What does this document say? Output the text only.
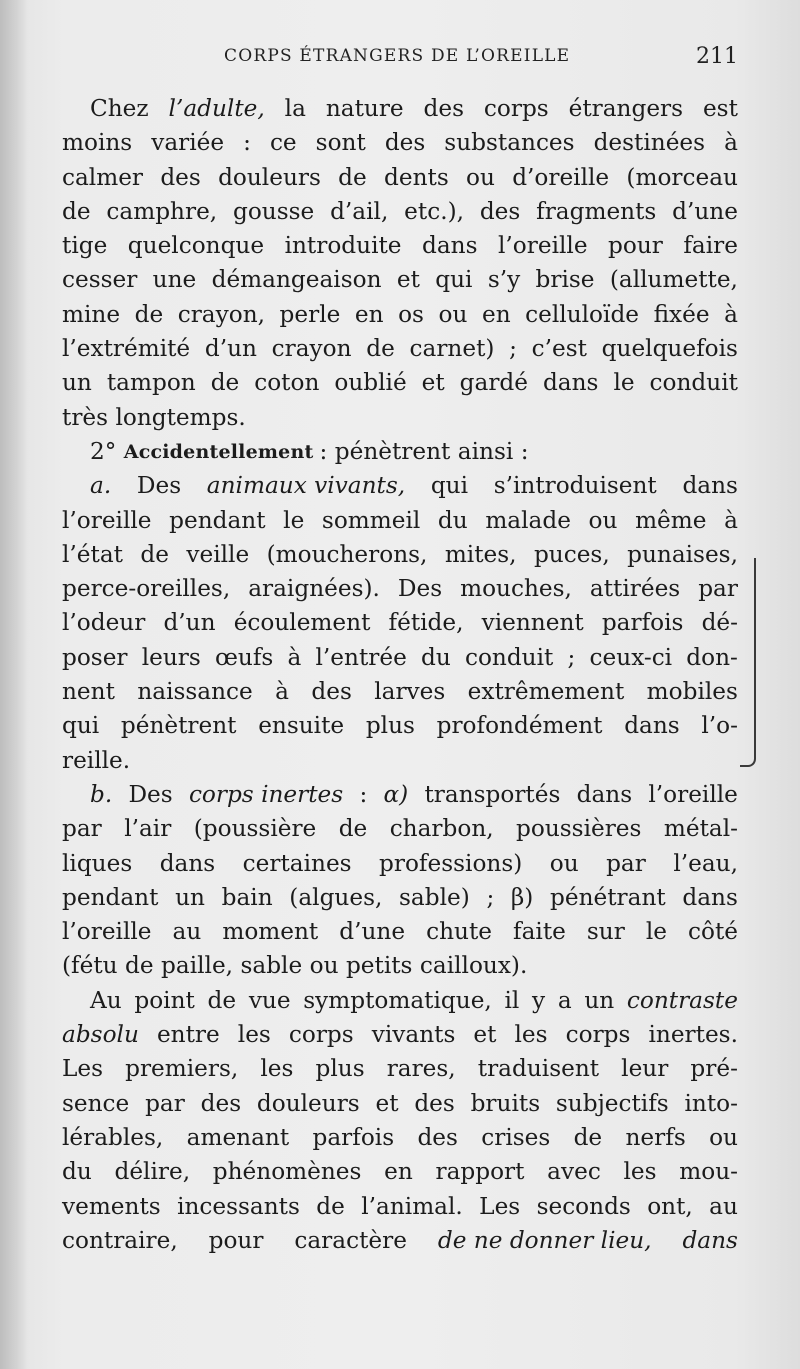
CORPS ÉTRANGERS DE L’OREILLE	211
Chez l’adulte, la nature des corps étrangers est
moins variée : ce sont des substances destinées à
calmer des douleurs de dents ou d’oreille (morceau
de camphre, gousse d’ail, etc.), des fragments d’une
tige quelconque introduite dans l’oreille pour faire
cesser une démangeaison et qui s’y brise (allumette,
mine de crayon, perle en os ou en celluloïde fixée à
l’extrémité d’un crayon de carnet) ; c’est quelquefois
un tampon de coton oublié et gardé dans le conduit
très longtemps.
2° Accidentellement : pénètrent ainsi :
a. Des animaux vivants, qui s’introduisent dans
l’oreille pendant le sommeil du malade ou même à
l’état de veille (moucherons, mites, puces, punaises,
perce-oreilles, araignées). Des mouches, attirées par
l’odeur d’un écoulement fétide, viennent parfois dé-
poser leurs œufs à l’entrée du conduit ; ceux-ci don-
nent naissance à des larves extrêmement mobiles
qui pénètrent ensuite plus profondément dans l’o-
reille.
b. Des corps inertes : α) transportés dans l’oreille
par l’air (poussière de charbon, poussières métal-
liques dans certaines professions) ou par l’eau,
pendant un bain (algues, sable) ; β) pénétrant dans
l’oreille au moment d’une chute faite sur le côté
(fétu de paille, sable ou petits cailloux).
Au point de vue symptomatique, il y a un contraste
absolu entre les corps vivants et les corps inertes.
Les premiers, les plus rares, traduisent leur pré-
sence par des douleurs et des bruits subjectifs into-
lérables, amenant parfois des crises de nerfs ou
du délire, phénomènes en rapport avec les mou-
vements incessants de l’animal. Les seconds ont, au
contraire, pour caractère de ne donner lieu, dans
